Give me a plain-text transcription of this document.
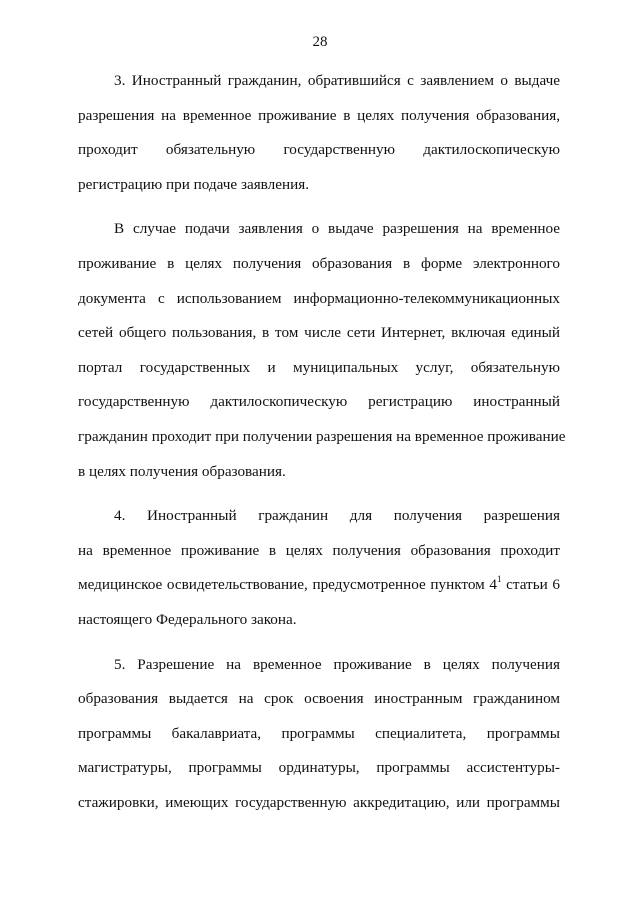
28
3. Иностранный гражданин, обратившийся с заявлением о выдаче
разрешения на временное проживание в целях получения образования,
проходит обязательную государственную дактилоскопическую
регистрацию при подаче заявления.
В случае подачи заявления о выдаче разрешения на временное
проживание в целях получения образования в форме электронного
документа с использованием информационно-телекоммуникационных
сетей общего пользования, в том числе сети Интернет, включая единый
портал государственных и муниципальных услуг, обязательную
государственную дактилоскопическую регистрацию иностранный
гражданин проходит при получении разрешения на временное проживание
в целях получения образования.
4. Иностранный гражданин для получения разрешения
на временное проживание в целях получения образования проходит
медицинское освидетельствование, предусмотренное пунктом $4^1$ статьи 6
настоящего Федерального закона.
5. Разрешение на временное проживание в целях получения
образования выдается на срок освоения иностранным гражданином
программы бакалавриата, программы специалитета, программы
магистратуры, программы ординатуры, программы ассистентуры-
стажировки, имеющих государственную аккредитацию, или программы
